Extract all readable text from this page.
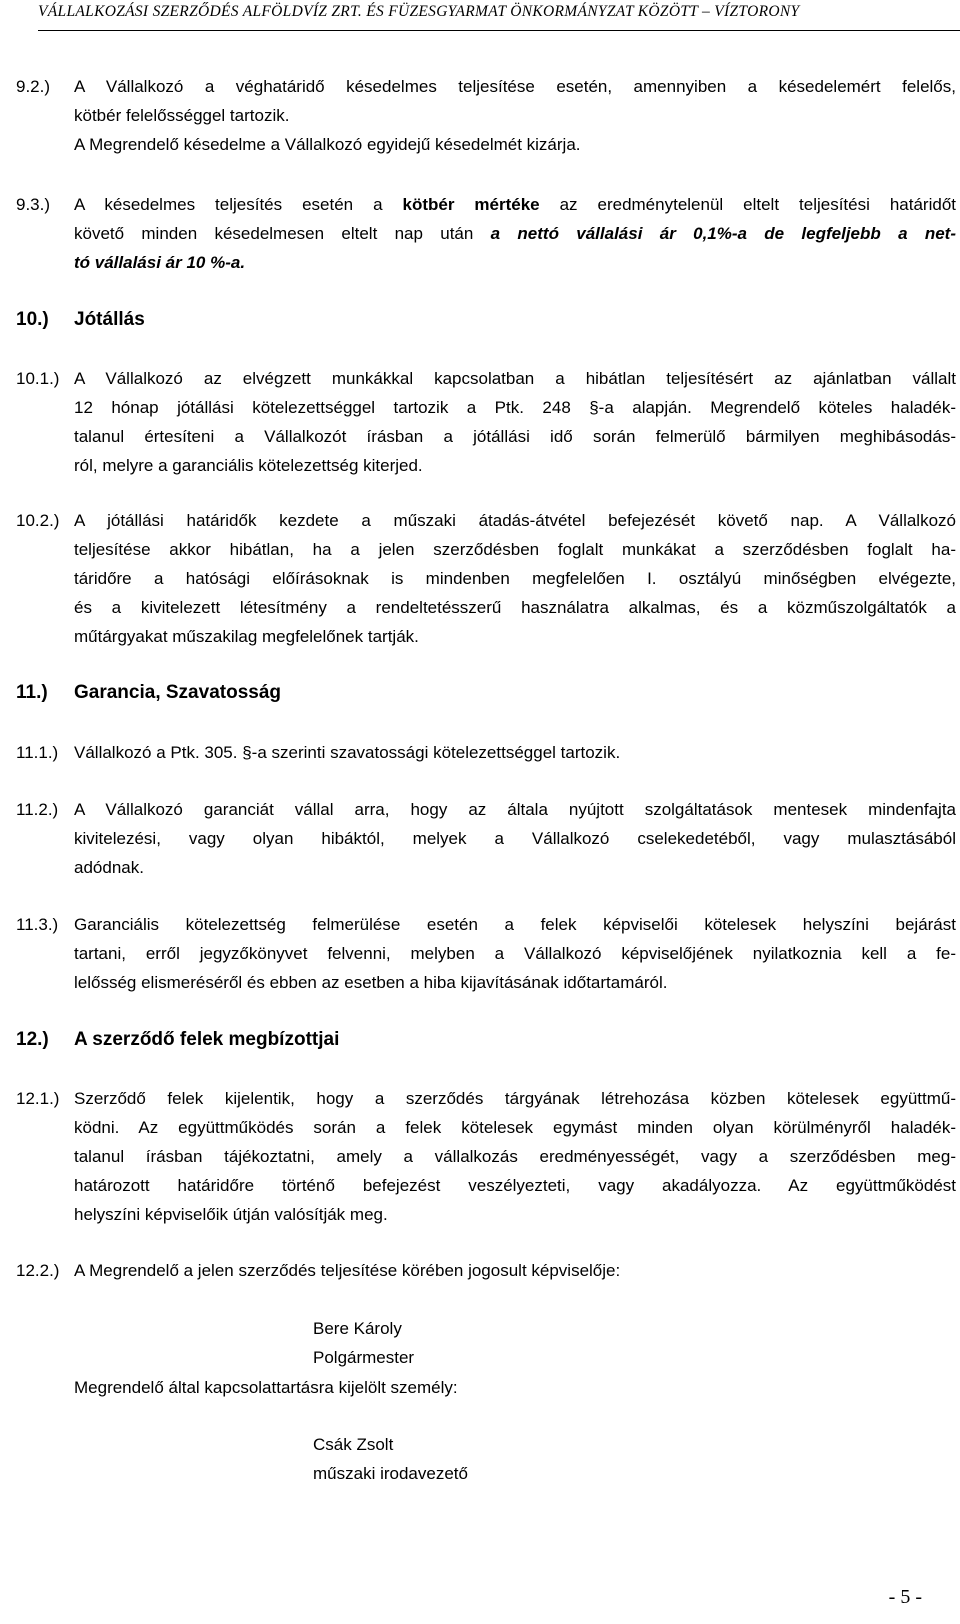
VÁLLALKOZÁSI SZERZŐDÉS ALFÖLDVÍZ ZRT. ÉS FÜZESGYARMAT ÖNKORMÁNYZAT KÖZÖTT – VÍZTORONY
9.2.) A Vállalkozó a véghatáridő késedelmes teljesítése esetén, amennyiben a késedelemért felelős,
kötbér felelősséggel tartozik.
A Megrendelő késedelme a Vállalkozó egyidejű késedelmét kizárja.
9.3.) A késedelmes teljesítés esetén a kötbér mértéke az eredménytelenül eltelt teljesítési határidőt
követő minden késedelmesen eltelt nap után a nettó vállalási ár 0,1%-a de legfeljebb a net-
tó vállalási ár 10 %-a.
10.) Jótállás
10.1.) A Vállalkozó az elvégzett munkákkal kapcsolatban a hibátlan teljesítésért az ajánlatban vállalt
12 hónap jótállási kötelezettséggel tartozik a Ptk. 248 §-a alapján. Megrendelő köteles haladék-
talanul értesíteni a Vállalkozót írásban a jótállási idő során felmerülő bármilyen meghibásodás-
ról, melyre a garanciális kötelezettség kiterjed.
10.2.) A jótállási határidők kezdete a műszaki átadás-átvétel befejezését követő nap. A Vállalkozó
teljesítése akkor hibátlan, ha a jelen szerződésben foglalt munkákat a szerződésben foglalt ha-
táridőre a hatósági előírásoknak is mindenben megfelelően I. osztályú minőségben elvégezte,
és a kivitelezett létesítmény a rendeltetésszerű használatra alkalmas, és a közműszolgáltatók a
műtárgyakat műszakilag megfelelőnek tartják.
11.) Garancia, Szavatosság
11.1.) Vállalkozó a Ptk. 305. §-a szerinti szavatossági kötelezettséggel tartozik.
11.2.) A Vállalkozó garanciát vállal arra, hogy az általa nyújtott szolgáltatások mentesek mindenfajta
kivitelezési, vagy olyan hibáktól, melyek a Vállalkozó cselekedetéből, vagy mulasztásából
adódnak.
11.3.) Garanciális kötelezettség felmerülése esetén a felek képviselői kötelesek helyszíni bejárást
tartani, erről jegyzőkönyvet felvenni, melyben a Vállalkozó képviselőjének nyilatkoznia kell a fe-
lelősség elismeréséről és ebben az esetben a hiba kijavításának időtartamáról.
12.) A szerződő felek megbízottjai
12.1.) Szerződő felek kijelentik, hogy a szerződés tárgyának létrehozása közben kötelesek együttmű-
ködni. Az együttműködés során a felek kötelesek egymást minden olyan körülményről haladék-
talanul írásban tájékoztatni, amely a vállalkozás eredményességét, vagy a szerződésben meg-
határozott határidőre történő befejezést veszélyezteti, vagy akadályozza. Az együttműködést
helyszíni képviselőik útján valósítják meg.
12.2.) A Megrendelő a jelen szerződés teljesítése körében jogosult képviselője:
Bere Károly
Polgármester
Megrendelő által kapcsolattartásra kijelölt személy:
Csák Zsolt
műszaki irodavezető
- 5 -
